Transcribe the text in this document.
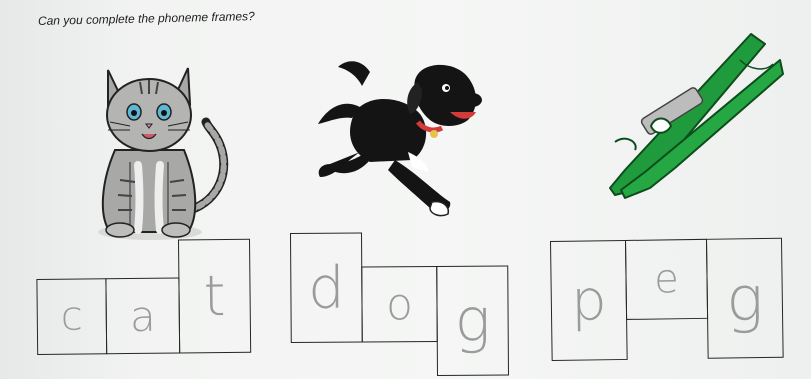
Can you complete the phoneme frames?
c	a t	d o g	p	e g
